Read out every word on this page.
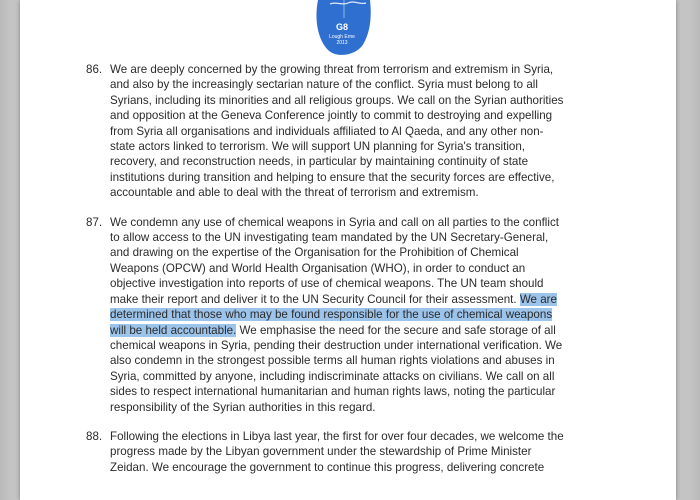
G8
Lough Erne
2013
86. We are deeply concerned by the growing threat from terrorism and extremism in Syria,
and also by the increasingly sectarian nature of the conflict. Syria must belong to all
Syrians, including its minorities and all religious groups. We call on the Syrian authorities
and opposition at the Geneva Conference jointly to commit to destroying and expelling
from Syria all organisations and individuals affiliated to Al Qaeda, and any other non-
state actors linked to terrorism. We will support UN planning for Syria's transition,
recovery, and reconstruction needs, in particular by maintaining continuity of state
institutions during transition and helping to ensure that the security forces are effective,
accountable and able to deal with the threat of terrorism and extremism.
87. We condemn any use of chemical weapons in Syria and call on all parties to the conflict
to allow access to the UN investigating team mandated by the UN Secretary-General,
and drawing on the expertise of the Organisation for the Prohibition of Chemical
Weapons (OPCW) and World Health Organisation (WHO), in order to conduct an
objective investigation into reports of use of chemical weapons. The UN team should
make their report and deliver it to the UN Security Council for their assessment. We are
determined that those who may be found responsible for the use of chemical weapons
will be held accountable. We emphasise the need for the secure and safe storage of all
chemical weapons in Syria, pending their destruction under international verification. We
also condemn in the strongest possible terms all human rights violations and abuses in
Syria, committed by anyone, including indiscriminate attacks on civilians. We call on all
sides to respect international humanitarian and human rights laws, noting the particular
responsibility of the Syrian authorities in this regard.
88. Following the elections in Libya last year, the first for over four decades, we welcome the
progress made by the Libyan government under the stewardship of Prime Minister
Zeidan. We encourage the government to continue this progress, delivering concrete
